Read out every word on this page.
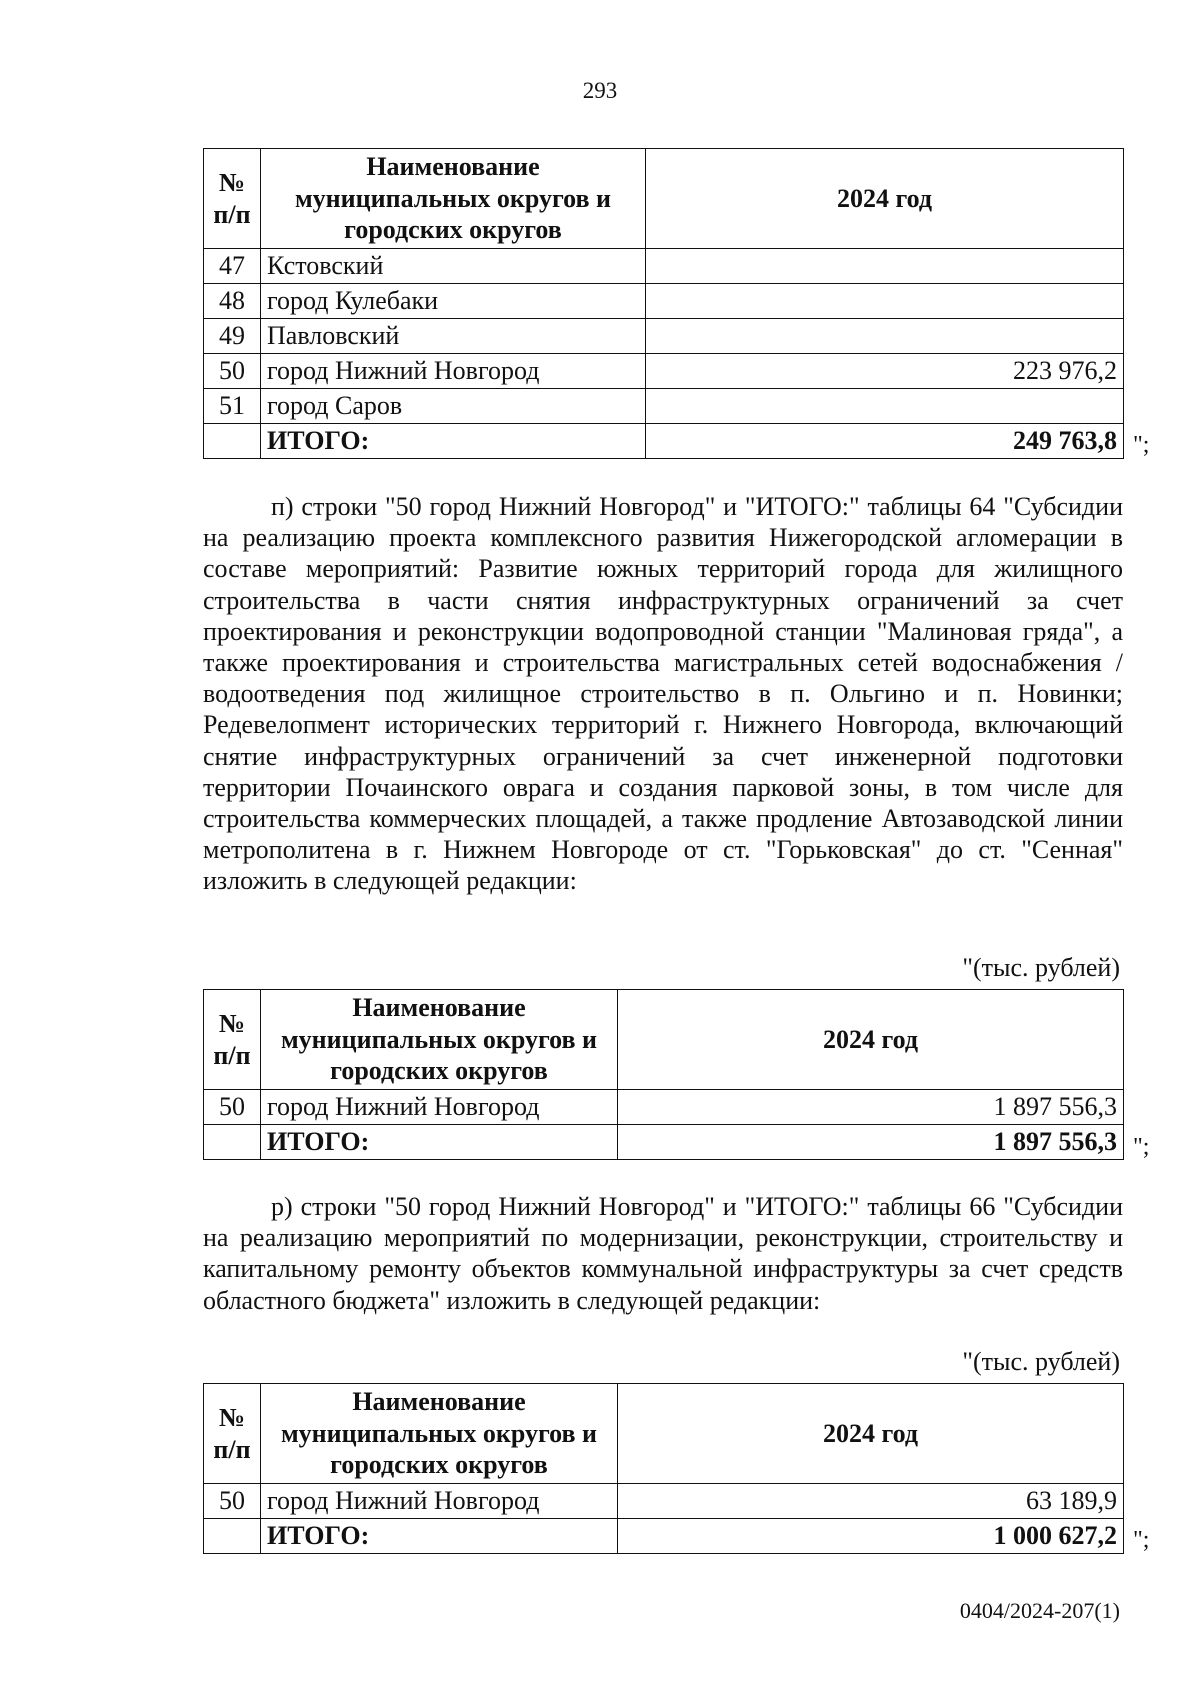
293
№ п/п	Наименование муниципальных округов и городских округов	2024 год
47	Кстовский	
48	город Кулебаки	
49	Павловский	
50	город Нижний Новгород	223 976,2
51	город Саров	
	ИТОГО:	249 763,8 ";
п) строки "50 город Нижний Новгород" и "ИТОГО:" таблицы 64 "Субсидии на реализацию проекта комплексного развития Нижегородской агломерации в составе мероприятий: Развитие южных территорий города для жилищного строительства в части снятия инфраструктурных ограничений за счет проектирования и реконструкции водопроводной станции "Малиновая гряда", а также проектирования и строительства магистральных сетей водоснабжения / водоотведения под жилищное строительство в п. Ольгино и п. Новинки; Редевелопмент исторических территорий г. Нижнего Новгорода, включающий снятие инфраструктурных ограничений за счет инженерной подготовки территории Почаинского оврага и создания парковой зоны, в том числе для строительства коммерческих площадей, а также продление Автозаводской линии метрополитена в г. Нижнем Новгороде от ст. "Горьковская" до ст. "Сенная" изложить в следующей редакции:
"(тыс. рублей)
№ п/п	Наименование муниципальных округов и городских округов	2024 год
50	город Нижний Новгород	1 897 556,3
	ИТОГО:	1 897 556,3 ";
р) строки "50 город Нижний Новгород" и "ИТОГО:" таблицы 66 "Субсидии на реализацию мероприятий по модернизации, реконструкции, строительству и капитальному ремонту объектов коммунальной инфраструктуры за счет средств областного бюджета" изложить в следующей редакции:
"(тыс. рублей)
№ п/п	Наименование муниципальных округов и городских округов	2024 год
50	город Нижний Новгород	63 189,9
	ИТОГО:	1 000 627,2 ";
0404/2024-207(1)
